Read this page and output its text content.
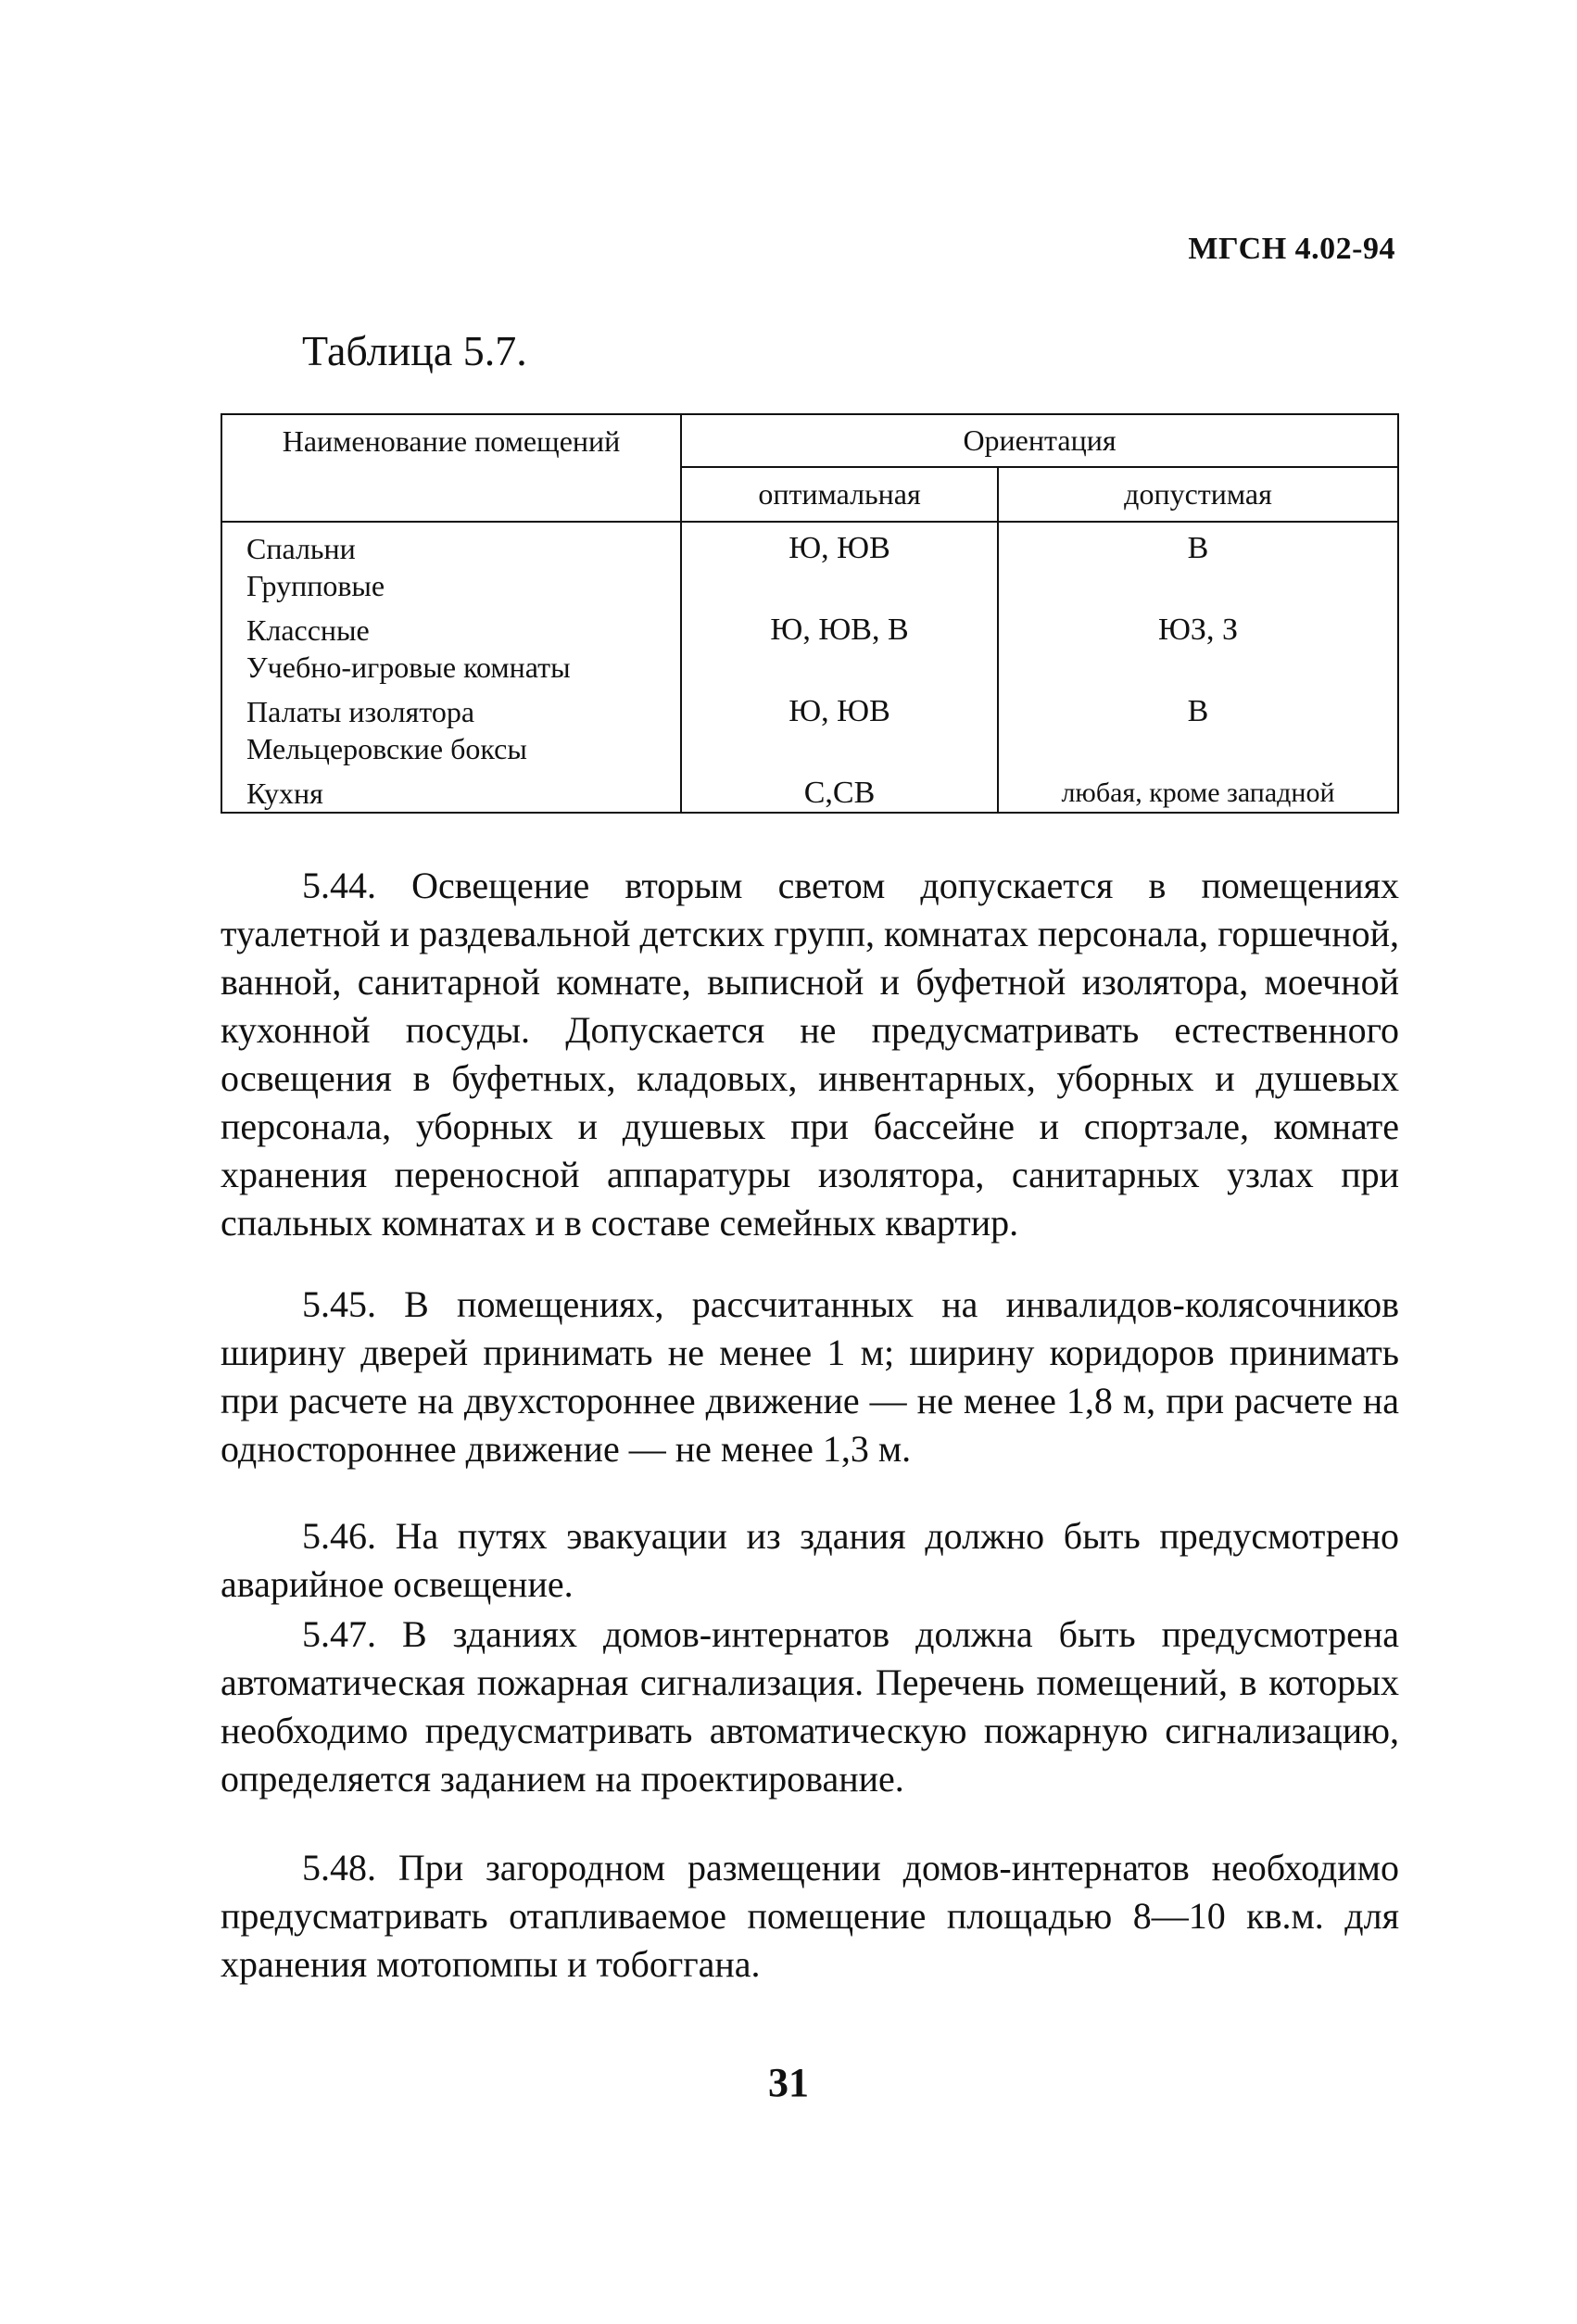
МГСН 4.02-94
Таблица 5.7.
Наименование помещений	Ориентация	
	оптимальная	допустимая

Спальни
Групповые	Ю, ЮВ	В

Классные
Учебно-игровые комнаты	Ю, ЮВ, В	ЮЗ, З

Палаты изолятора
Мельцеровские боксы	Ю, ЮВ	В

Кухня	С,СВ	любая, кроме западной

5.44. Освещение вторым светом допускается в помещениях туалетной и раздевальной детских групп, комнатах персонала, горшечной, ванной, санитарной комнате, выписной и буфетной изолятора, моечной кухонной посуды. Допускается не предусматривать естественного освещения в буфетных, кладовых, инвентарных, уборных и душевых персонала, уборных и душевых при бассейне и спортзале, комнате хранения переносной аппаратуры изолятора, санитарных узлах при спальных комнатах и в составе семейных квартир.

5.45. В помещениях, рассчитанных на инвалидов-колясочников ширину дверей принимать не менее 1 м; ширину коридоров принимать при расчете на двухстороннее движение — не менее 1,8 м, при расчете на одностороннее движение — не менее 1,3 м.

5.46. На путях эвакуации из здания должно быть предусмотрено аварийное освещение.

5.47. В зданиях домов-интернатов должна быть предусмотрена автоматическая пожарная сигнализация. Перечень помещений, в которых необходимо предусматривать автоматическую пожарную сигнализацию, определяется заданием на проектирование.

5.48. При загородном размещении домов-интернатов необходимо предусматривать отапливаемое помещение площадью 8—10 кв.м. для хранения мотопомпы и тобоггана.

31
